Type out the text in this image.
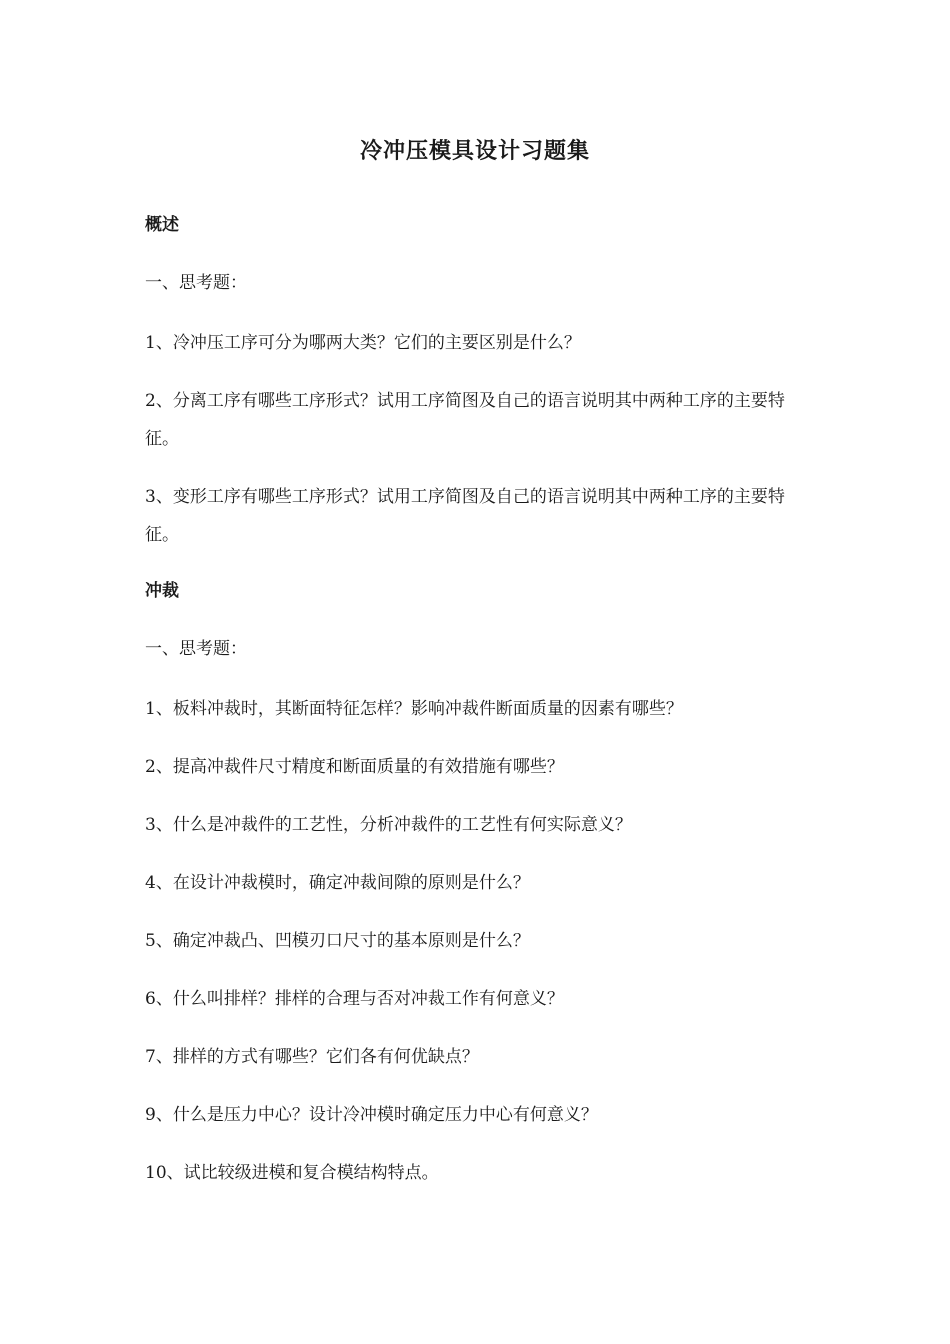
冷冲压模具设计习题集
概述
一、思考题：
1、冷冲压工序可分为哪两大类？它们的主要区别是什么？
2、分离工序有哪些工序形式？试用工序简图及自己的语言说明其中两种工序的主要特征。
3、变形工序有哪些工序形式？试用工序简图及自己的语言说明其中两种工序的主要特征。
冲裁
一、思考题：
1、板料冲裁时，其断面特征怎样？影响冲裁件断面质量的因素有哪些？
2、提高冲裁件尺寸精度和断面质量的有效措施有哪些？
3、什么是冲裁件的工艺性，分析冲裁件的工艺性有何实际意义？
4、在设计冲裁模时，确定冲裁间隙的原则是什么？
5、确定冲裁凸、凹模刃口尺寸的基本原则是什么？
6、什么叫排样？排样的合理与否对冲裁工作有何意义？
7、排样的方式有哪些？它们各有何优缺点？
9、什么是压力中心？设计冷冲模时确定压力中心有何意义？
10、试比较级进模和复合模结构特点。
